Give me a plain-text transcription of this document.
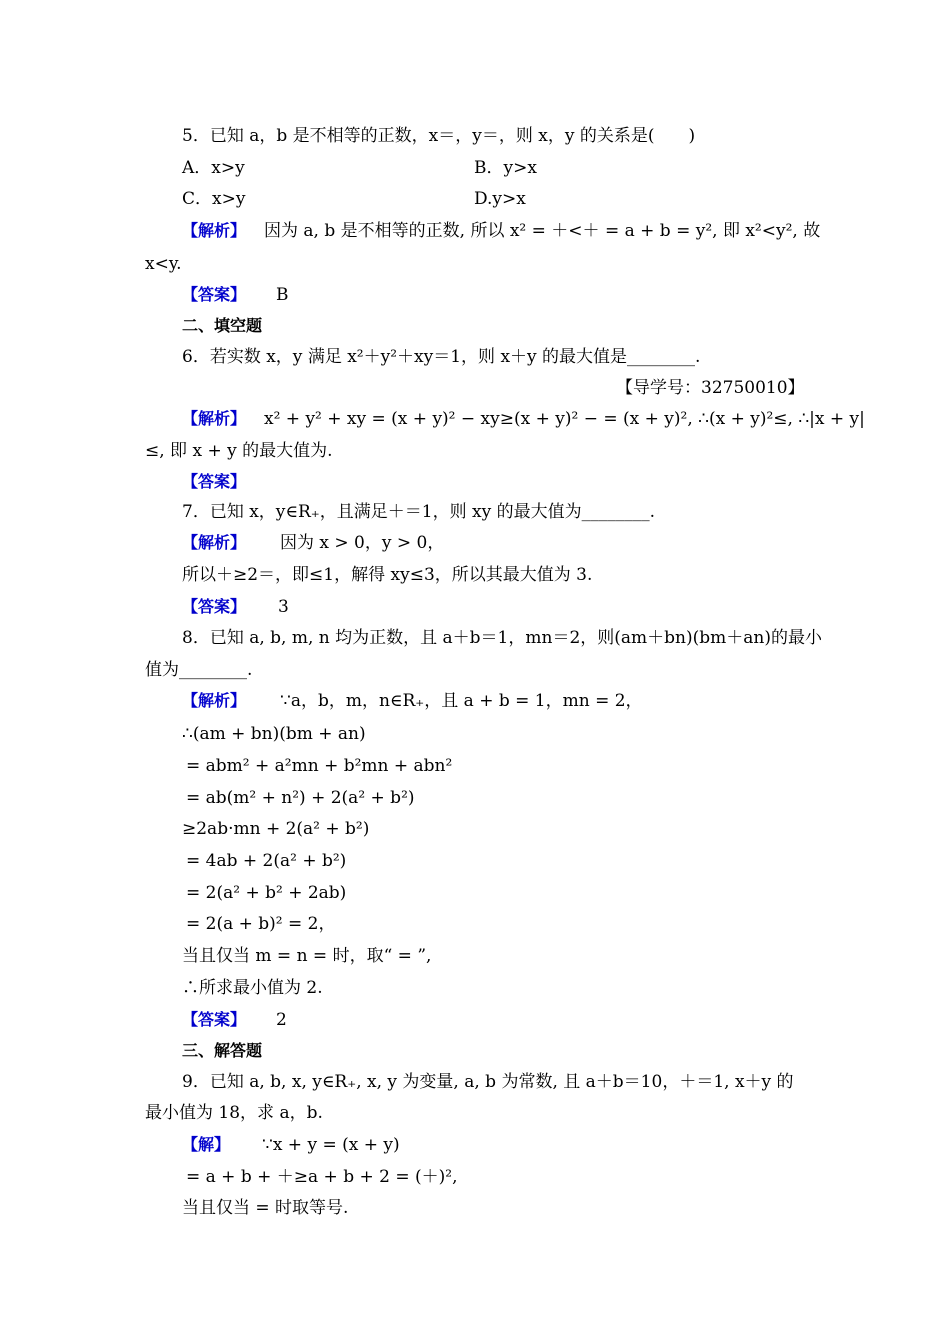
5．已知 a，b 是不相等的正数，x＝，y＝，则 x，y 的关系是(　　)
A．x>y	B．y>x
C．x>y	D.y>x
【解析】 因为 a, b 是不相等的正数, 所以 x² = ＋<＋ = a + b = y², 即 x²<y², 故
x<y.
【答案】 B
二、填空题
6．若实数 x，y 满足 x²＋y²＋xy＝1，则 x＋y 的最大值是________.
【导学号：32750010】
【解析】 x² + y² + xy = (x + y)² − xy≥(x + y)² − = (x + y)², ∴(x + y)²≤, ∴|x + y|
≤, 即 x + y 的最大值为.
【答案】
7．已知 x，y∈R₊，且满足＋＝1，则 xy 的最大值为________.
【解析】 因为 x > 0，y > 0，
所以＋≥2＝，即≤1，解得 xy≤3，所以其最大值为 3.
【答案】 3
8．已知 a, b, m, n 均为正数，且 a＋b＝1，mn＝2，则(am＋bn)(bm＋an)的最小
值为________.
【解析】 ∵a，b，m，n∈R₊，且 a + b = 1，mn = 2，
∴(am + bn)(bm + an)
= abm² + a²mn + b²mn + abn²
= ab(m² + n²) + 2(a² + b²)
≥2ab·mn + 2(a² + b²)
= 4ab + 2(a² + b²)
= 2(a² + b² + 2ab)
= 2(a + b)² = 2，
当且仅当 m = n = 时，取“ = ”,
∴所求最小值为 2.
【答案】 2
三、解答题
9．已知 a, b, x, y∈R₊, x, y 为变量, a, b 为常数, 且 a＋b＝10，＋＝1, x＋y 的
最小值为 18，求 a，b.
【解】 ∵x + y = (x + y)
= a + b + ＋≥a + b + 2 = (＋)²,
当且仅当 = 时取等号.
